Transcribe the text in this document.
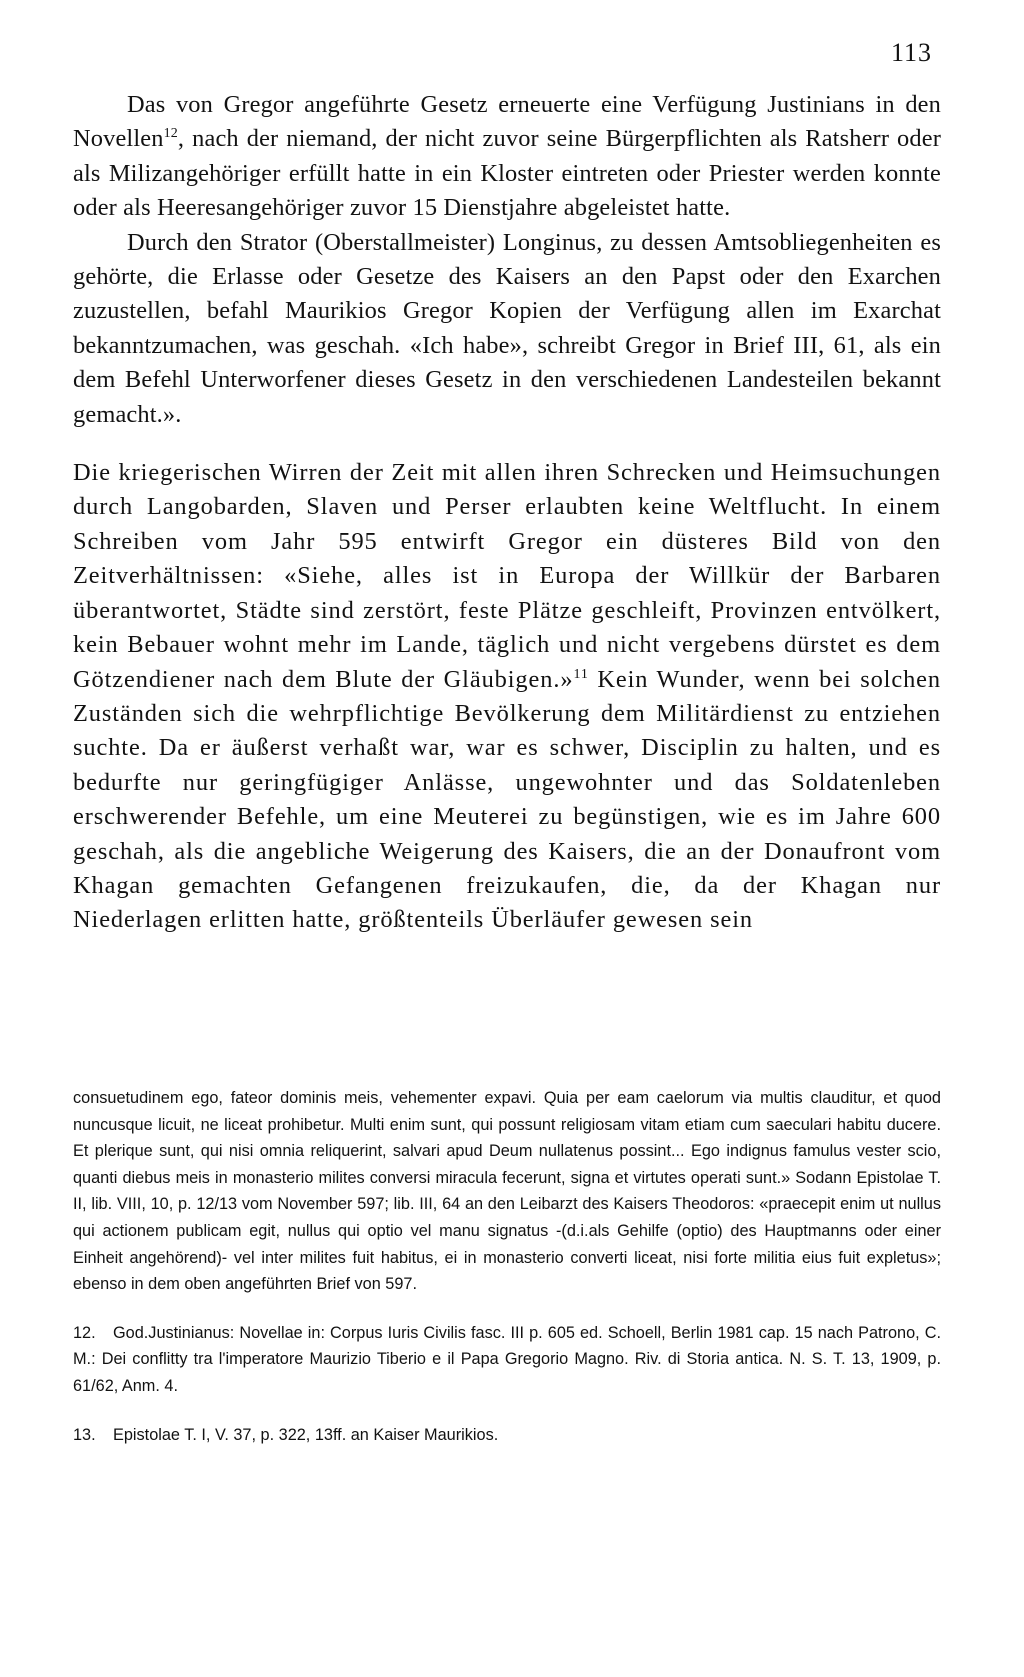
113

Das von Gregor angeführte Gesetz erneuerte eine Verfügung Justinians in den Novellen$^{12}$, nach der niemand, der nicht zuvor seine Bürgerpflichten als Ratsherr oder als Milizangehöriger erfüllt hatte in ein Kloster eintreten oder Priester werden konnte oder als Heeresangehöriger zuvor 15 Dienstjahre abgeleistet hatte.

Durch den Strator (Oberstallmeister) Longinus, zu dessen Amtsobliegenheiten es gehörte, die Erlasse oder Gesetze des Kaisers an den Papst oder den Exarchen zuzustellen, befahl Maurikios Gregor Kopien der Verfügung allen im Exarchat bekanntzumachen, was geschah. «Ich habe», schreibt Gregor in Brief III, 61, als ein dem Befehl Unterworfener dieses Gesetz in den verschiedenen Landesteilen bekannt gemacht.».

Die kriegerischen Wirren der Zeit mit allen ihren Schrecken und Heimsuchungen durch Langobarden, Slaven und Perser erlaubten keine Weltflucht. In einem Schreiben vom Jahr 595 entwirft Gregor ein düsteres Bild von den Zeitverhältnissen: «Siehe, alles ist in Europa der Willkür der Barbaren überantwortet, Städte sind zerstört, feste Plätze geschleift, Provinzen entvölkert, kein Bebauer wohnt mehr im Lande, täglich und nicht vergebens dürstet es dem Götzendiener nach dem Blute der Gläubigen.»$^{11}$ Kein Wunder, wenn bei solchen Zuständen sich die wehrpflichtige Bevölkerung dem Militärdienst zu entziehen suchte. Da er äußerst verhaßt war, war es schwer, Disciplin zu halten, und es bedurfte nur geringfügiger Anlässe, ungewohnter und das Soldatenleben erschwerender Befehle, um eine Meuterei zu begünstigen, wie es im Jahre 600 geschah, als die angebliche Weigerung des Kaisers, die an der Donaufront vom Khagan gemachten Gefangenen freizukaufen, die, da der Khagan nur Niederlagen erlitten hatte, größtenteils Überläufer gewesen sein

consuetudinem ego, fateor dominis meis, vehementer expavi. Quia per eam caelorum via multis clauditur, et quod nuncusque licuit, ne liceat prohibetur. Multi enim sunt, qui possunt religiosam vitam etiam cum saeculari habitu ducere. Et plerique sunt, qui nisi omnia reliquerint, salvari apud Deum nullatenus possint... Ego indignus famulus vester scio, quanti diebus meis in monasterio milites conversi miracula fecerunt, signa et virtutes operati sunt.» Sodann Epistolae T. II, lib. VIII, 10, p. 12/13 vom November 597; lib. III, 64 an den Leibarzt des Kaisers Theodoros: «praecepit enim ut nullus qui actionem publicam egit, nullus qui optio vel manu signatus -(d.i.als Gehilfe (optio) des Hauptmanns oder einer Einheit angehörend)- vel inter milites fuit habitus, ei in monasterio converti liceat, nisi forte militia eius fuit expletus»; ebenso in dem oben angeführten Brief von 597.

12. God.Justinianus: Novellae in: Corpus Iuris Civilis fasc. III p. 605 ed. Schoell, Berlin 1981 cap. 15 nach Patrono, C. M.: Dei conflitty tra l'imperatore Maurizio Tiberio e il Papa Gregorio Magno. Riv. di Storia antica. N. S. T. 13, 1909, p. 61/62, Anm. 4.

13. Epistolae T. I, V. 37, p. 322, 13ff. an Kaiser Maurikios.
